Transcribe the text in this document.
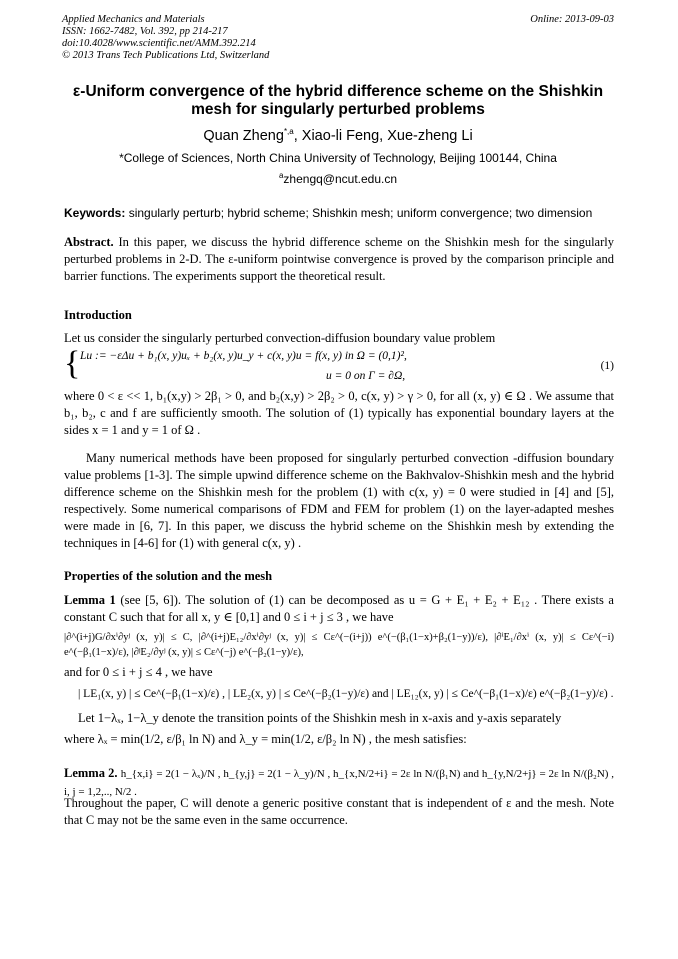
Applied Mechanics and Materials
ISSN: 1662-7482, Vol. 392, pp 214-217
doi:10.4028/www.scientific.net/AMM.392.214
© 2013 Trans Tech Publications Ltd, Switzerland
Online: 2013-09-03
ε-Uniform convergence of the hybrid difference scheme on the Shishkin
mesh for singularly perturbed problems
Quan Zheng$^{*,a}$, Xiao-li Feng, Xue-zheng Li
*College of Sciences, North China University of Technology, Beijing 100144, China
$^a$zhengq@ncut.edu.cn
Keywords: singularly perturb; hybrid scheme; Shishkin mesh; uniform convergence; two dimension
Abstract. In this paper, we discuss the hybrid difference scheme on the Shishkin mesh for the singularly perturbed problems in 2-D. The ε-uniform pointwise convergence is proved by the comparison principle and barrier functions. The experiments support the theoretical result.
Introduction
Let us consider the singularly perturbed convection-diffusion boundary value problem
{ Lu := −εΔu + b₁(x, y)uₓ + b₂(x, y)u_y + c(x, y)u = f(x, y) in Ω = (0,1)²,
u = 0 on Γ = ∂Ω,
(1)
where 0 < ε << 1, b₁(x,y) > 2β₁ > 0, and b₂(x,y) > 2β₂ > 0, c(x, y) > γ > 0, for all (x, y) ∈ Ω . We assume that b₁, b₂, c and f are sufficiently smooth. The solution of (1) typically has exponential boundary layers at the sides x = 1 and y = 1 of Ω .
Many numerical methods have been proposed for singularly perturbed convection -diffusion boundary value problems [1-3]. The simple upwind difference scheme on the Bakhvalov-Shishkin mesh and the hybrid difference scheme on the Shishkin mesh for the problem (1) with c(x, y) = 0 were studied in [4] and [5], respectively. Some numerical comparisons of FDM and FEM for problem (1) on the layer-adapted meshes were made in [6, 7]. In this paper, we discuss the hybrid scheme on the Shishkin mesh by extending the techniques in [4-6] for (1) with general c(x, y) .
Properties of the solution and the mesh
Lemma 1 (see [5, 6]). The solution of (1) can be decomposed as u = G + E₁ + E₂ + E₁₂ . There exists a constant C such that for all x, y ∈ [0,1] and 0 ≤ i + j ≤ 3 , we have
|∂^(i+j)G/∂xⁱ∂yʲ (x, y)| ≤ C, |∂^(i+j)E₁₂/∂xⁱ∂yʲ (x, y)| ≤ Cε^(−(i+j)) e^(−(β₁(1−x)+β₂(1−y))/ε), |∂ⁱE₁/∂xⁱ (x, y)| ≤ Cε^(−i) e^(−β₁(1−x)/ε), |∂ʲE₂/∂yʲ (x, y)| ≤ Cε^(−j) e^(−β₂(1−y)/ε),
and for 0 ≤ i + j ≤ 4 , we have
| LE₁(x, y) | ≤ Ce^(−β₁(1−x)/ε) , | LE₂(x, y) | ≤ Ce^(−β₂(1−y)/ε) and | LE₁₂(x, y) | ≤ Ce^(−β₁(1−x)/ε) e^(−β₂(1−y)/ε) .
Let 1−λₓ, 1−λ_y denote the transition points of the Shishkin mesh in x-axis and y-axis separately
where λₓ = min(1/2, ε/β₁ ln N) and λ_y = min(1/2, ε/β₂ ln N) , the mesh satisfies:
Lemma 2. h_{x,i} = 2(1 − λₓ)/N , h_{y,j} = 2(1 − λ_y)/N , h_{x,N/2+i} = 2ε ln N/(β₁N) and h_{y,N/2+j} = 2ε ln N/(β₂N) , i, j = 1,2,.., N/2 .
Throughout the paper, C will denote a generic positive constant that is independent of ε and the mesh. Note that C may not be the same even in the same occurrence.
